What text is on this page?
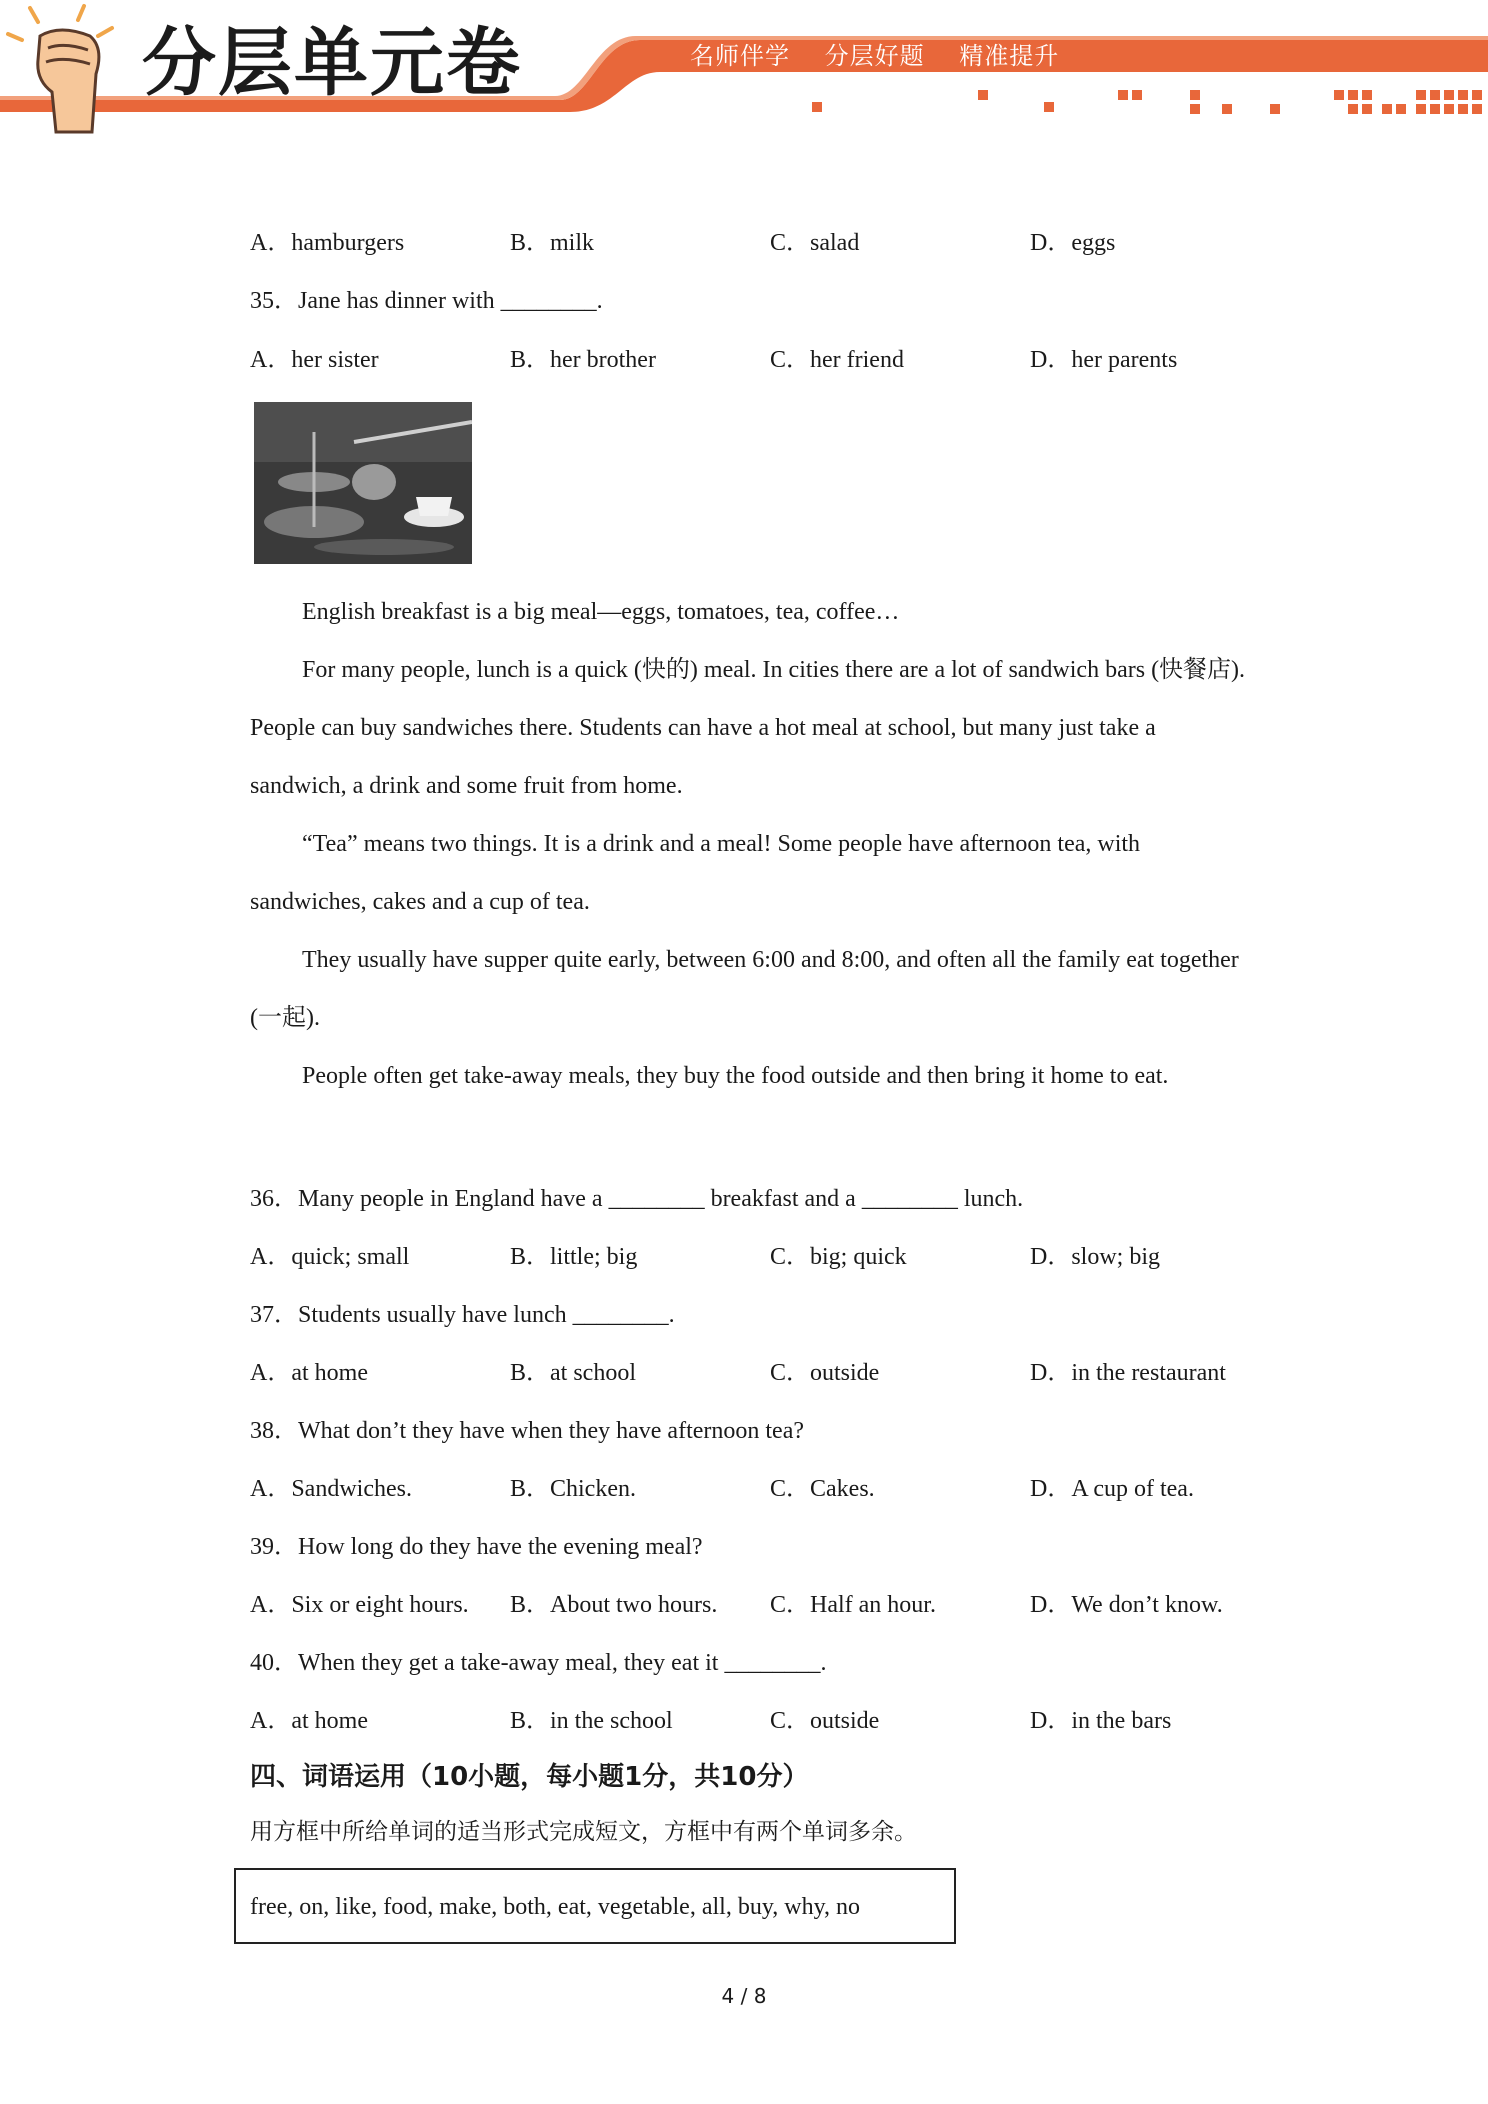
分层单元卷	名师伴学 分层好题 精准提升
A．hamburgers	B．milk	C．salad	D．eggs
35．Jane has dinner with ________.
A．her sister	B．her brother	C．her friend	D．her parents
English breakfast is a big meal—eggs, tomatoes, tea, coffee…
For many people, lunch is a quick (快的) meal. In cities there are a lot of sandwich bars (快餐店). People can buy sandwiches there. Students can have a hot meal at school, but many just take a sandwich, a drink and some fruit from home.
“Tea” means two things. It is a drink and a meal! Some people have afternoon tea, with sandwiches, cakes and a cup of tea.
They usually have supper quite early, between 6:00 and 8:00, and often all the family eat together (一起).
People often get take-away meals, they buy the food outside and then bring it home to eat.
36．Many people in England have a ________ breakfast and a ________ lunch.
A．quick; small	B．little; big	C．big; quick	D．slow; big
37．Students usually have lunch ________.
A．at home	B．at school	C．outside	D．in the restaurant
38．What don’t they have when they have afternoon tea?
A．Sandwiches.	B．Chicken.	C．Cakes.	D．A cup of tea.
39．How long do they have the evening meal?
A．Six or eight hours. B．About two hours. C．Half an hour.	D．We don’t know.
40．When they get a take-away meal, they eat it ________.
A．at home	B．in the school	C．outside	D．in the bars
四、词语运用（10小题，每小题1分，共10分）
用方框中所给单词的适当形式完成短文，方框中有两个单词多余。
free, on, like, food, make, both, eat, vegetable, all, buy, why, no
4 / 8
